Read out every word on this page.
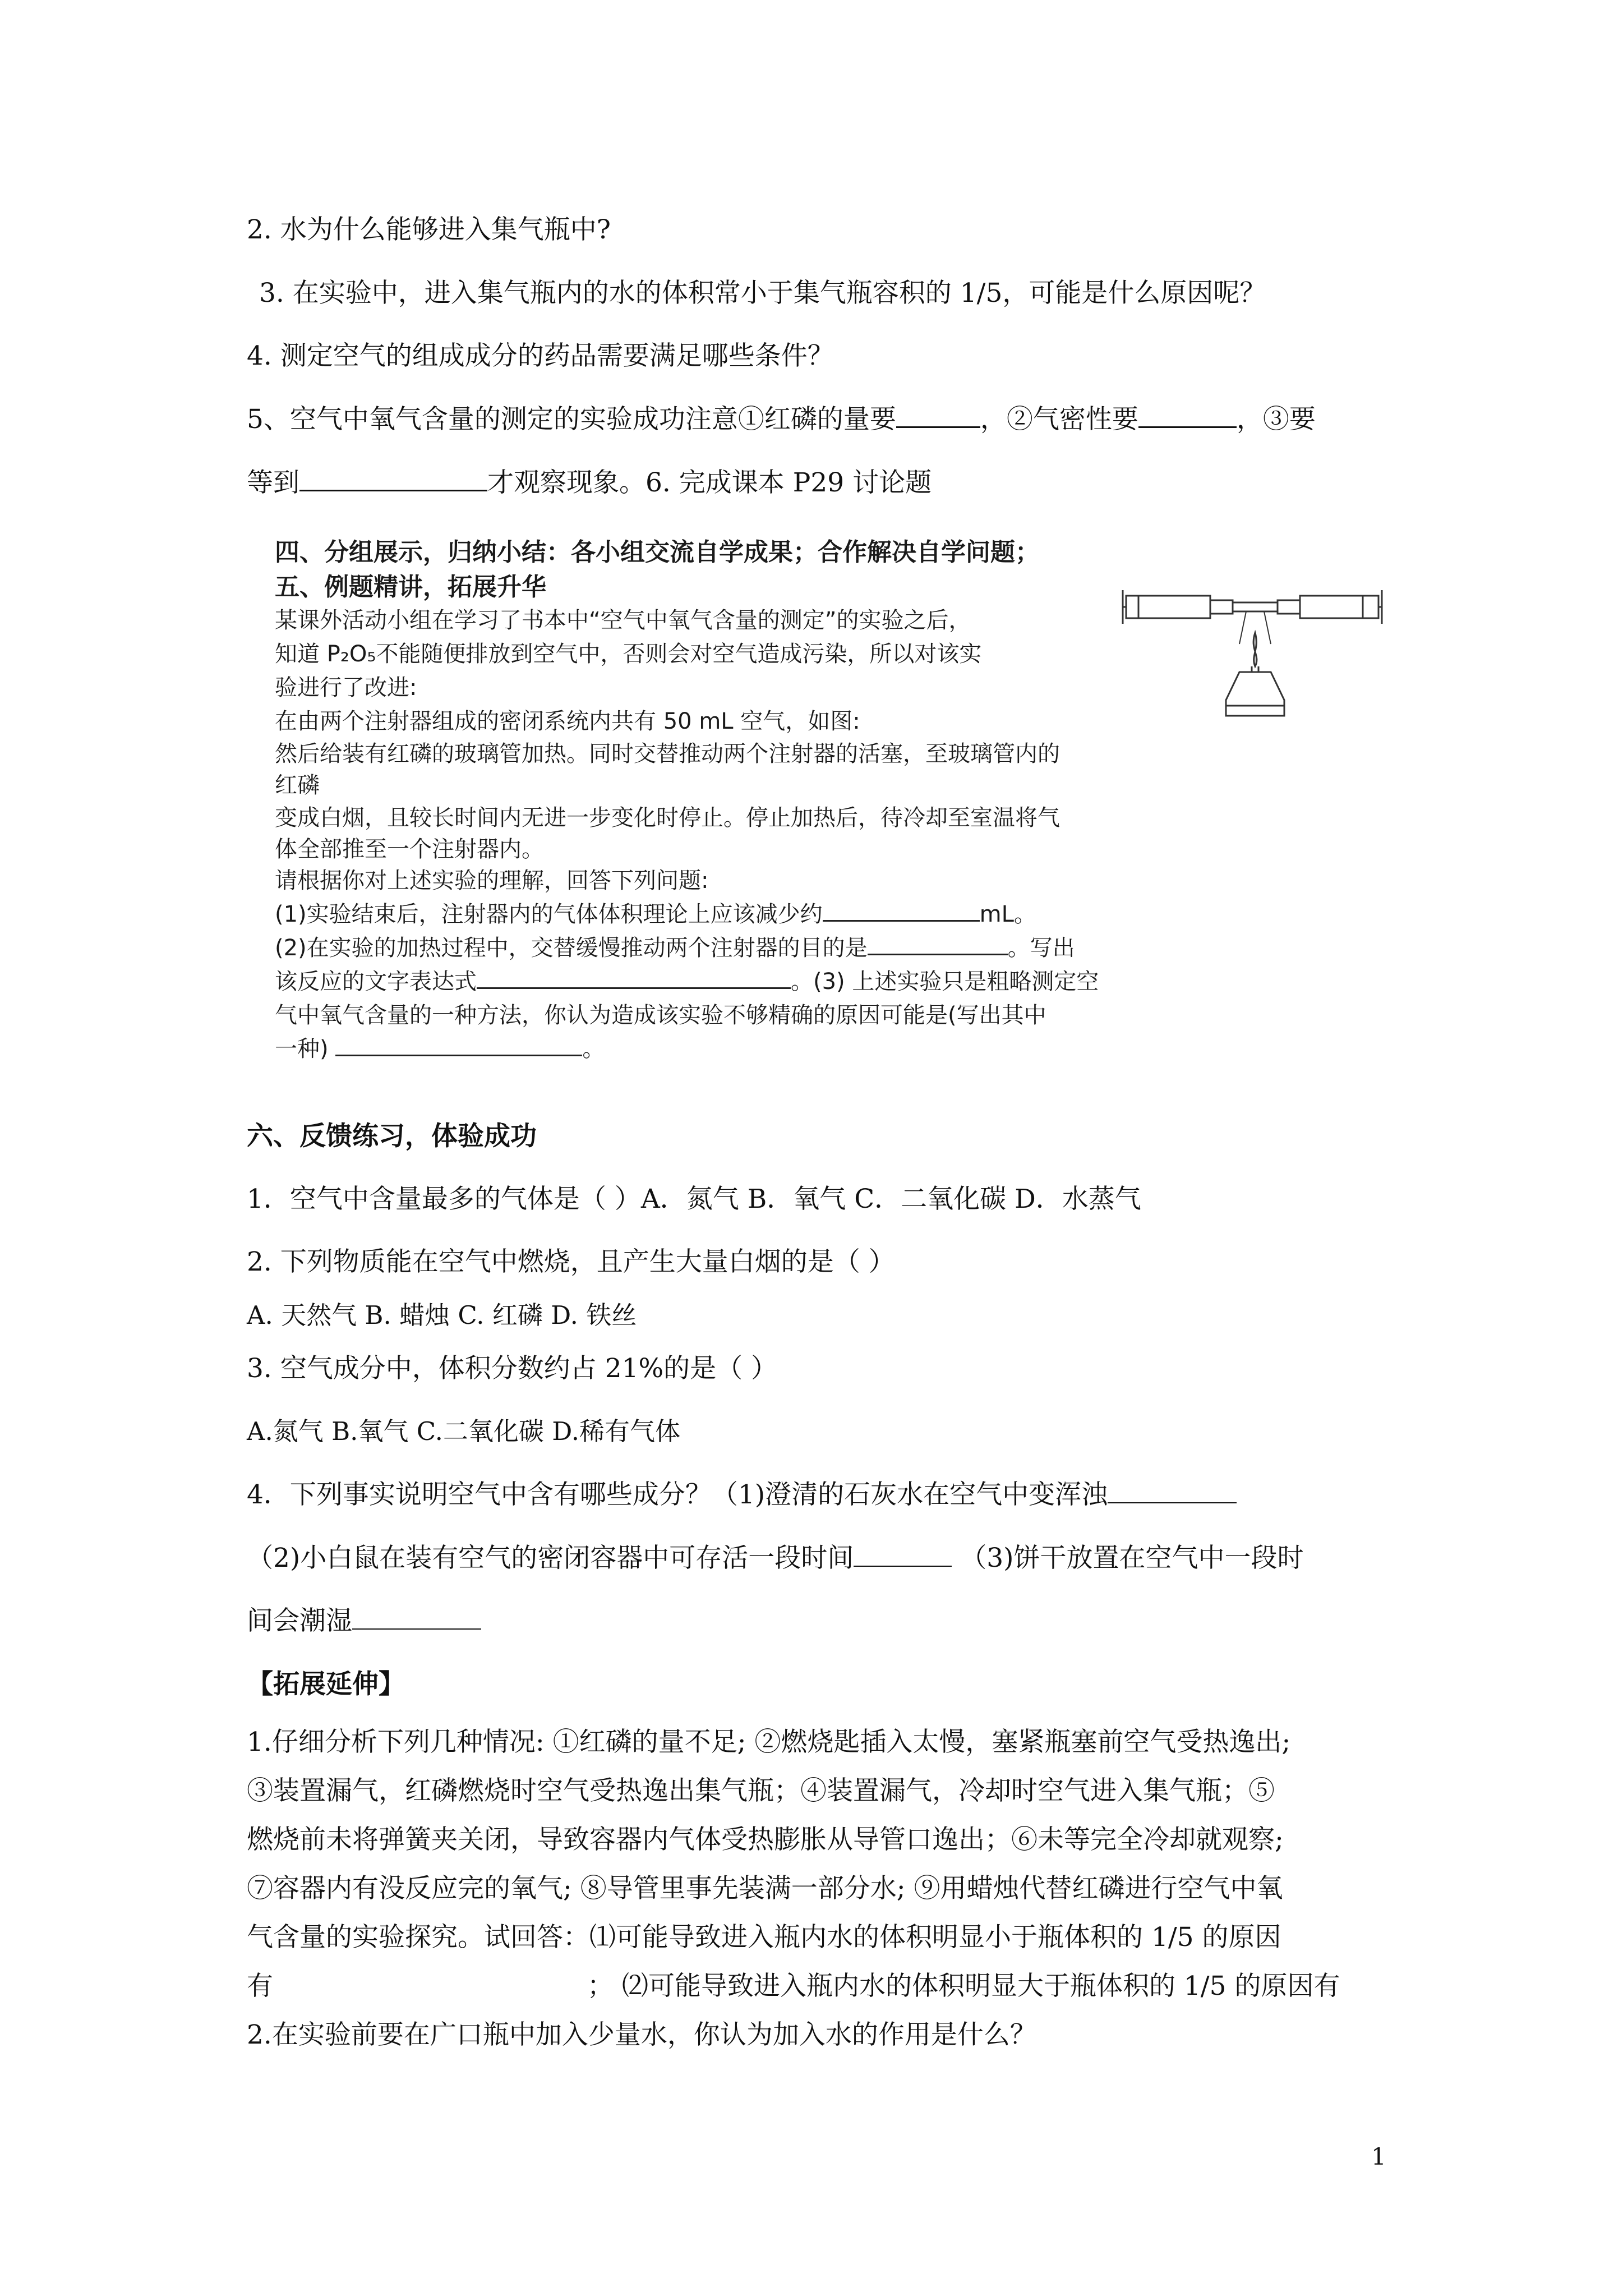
2. 水为什么能够进入集气瓶中?
3. 在实验中，进入集气瓶内的水的体积常小于集气瓶容积的 1/5，可能是什么原因呢？
4. 测定空气的组成成分的药品需要满足哪些条件？
5、空气中氧气含量的测定的实验成功注意①红磷的量要	，②气密性要	，③要
等到	才观察现象。6. 完成课本 P29 讨论题
四、分组展示，归纳小结：各小组交流自学成果；合作解决自学问题；
五、例题精讲，拓展升华
某课外活动小组在学习了书本中“空气中氧气含量的测定”的实验之后，
知道 P₂O₅不能随便排放到空气中，否则会对空气造成污染，所以对该实
验进行了改进:
在由两个注射器组成的密闭系统内共有 50 mL 空气，如图:
然后给装有红磷的玻璃管加热。同时交替推动两个注射器的活塞，至玻璃管内的
红磷
变成白烟，且较长时间内无进一步变化时停止。停止加热后，待冷却至室温将气
体全部推至一个注射器内。
请根据你对上述实验的理解，回答下列问题:
(1)实验结束后，注射器内的气体体积理论上应该减少约	mL。
(2)在实验的加热过程中，交替缓慢推动两个注射器的目的是	。写出
该反应的文字表达式	。(3) 上述实验只是粗略测定空
气中氧气含量的一种方法，你认为造成该实验不够精确的原因可能是(写出其中
一种)	。
六、反馈练习，体验成功
1．空气中含量最多的气体是（ ）A．氮气 B．氧气 C．二氧化碳 D．水蒸气
2. 下列物质能在空气中燃烧，且产生大量白烟的是（ ）
A. 天然气 B. 蜡烛 C. 红磷 D. 铁丝
3. 空气成分中，体积分数约占 21%的是（ ）
A.氮气 B.氧气 C.二氧化碳 D.稀有气体
4．下列事实说明空气中含有哪些成分？（1)澄清的石灰水在空气中变浑浊
（2)小白鼠在装有空气的密闭容器中可存活一段时间	（3)饼干放置在空气中一段时
间会潮湿
【拓展延伸】
1.仔细分析下列几种情况: ①红磷的量不足; ②燃烧匙插入太慢，塞紧瓶塞前空气受热逸出;
③装置漏气，红磷燃烧时空气受热逸出集气瓶；④装置漏气，冷却时空气进入集气瓶；⑤
燃烧前未将弹簧夹关闭，导致容器内气体受热膨胀从导管口逸出；⑥未等完全冷却就观察;
⑦容器内有没反应完的氧气; ⑧导管里事先装满一部分水; ⑨用蜡烛代替红磷进行空气中氧
气含量的实验探究。试回答：⑴可能导致进入瓶内水的体积明显小于瓶体积的 1/5 的原因
有	； ⑵可能导致进入瓶内水的体积明显大于瓶体积的 1/5 的原因有
2.在实验前要在广口瓶中加入少量水，你认为加入水的作用是什么？
1
